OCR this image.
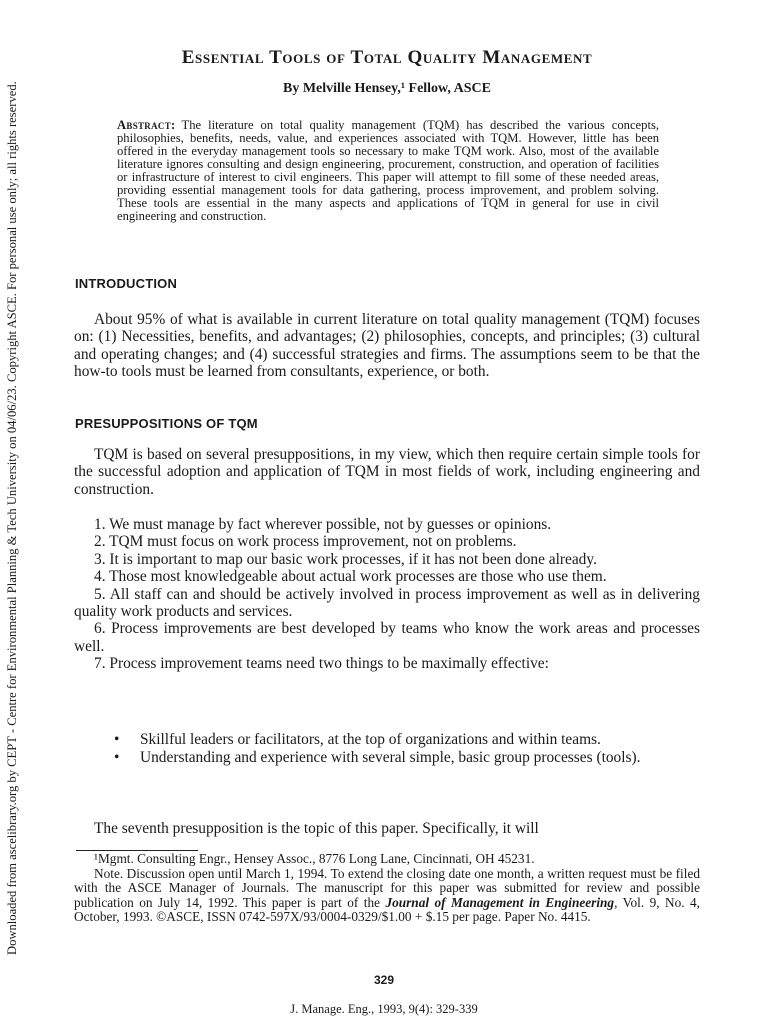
Downloaded from ascelibrary.org by CEPT - Centre for Environmental Planning & Tech University on 04/06/23. Copyright ASCE. For personal use only; all rights reserved.
Essential Tools of Total Quality Management
By Melville Hensey,¹ Fellow, ASCE
Abstract: The literature on total quality management (TQM) has described the various concepts, philosophies, benefits, needs, value, and experiences associated with TQM. However, little has been offered in the everyday management tools so necessary to make TQM work. Also, most of the available literature ignores consulting and design engineering, procurement, construction, and operation of facilities or infrastructure of interest to civil engineers. This paper will attempt to fill some of these needed areas, providing essential management tools for data gathering, process improvement, and problem solving. These tools are essential in the many aspects and applications of TQM in general for use in civil engineering and construction.
INTRODUCTION

About 95% of what is available in current literature on total quality management (TQM) focuses on: (1) Necessities, benefits, and advantages; (2) philosophies, concepts, and principles; (3) cultural and operating changes; and (4) successful strategies and firms. The assumptions seem to be that the how-to tools must be learned from consultants, experience, or both.

PRESUPPOSITIONS OF TQM

TQM is based on several presuppositions, in my view, which then require certain simple tools for the successful adoption and application of TQM in most fields of work, including engineering and construction.

1. We must manage by fact wherever possible, not by guesses or opinions.
2. TQM must focus on work process improvement, not on problems.
3. It is important to map our basic work processes, if it has not been done already.
4. Those most knowledgeable about actual work processes are those who use them.
5. All staff can and should be actively involved in process improvement as well as in delivering quality work products and services.
6. Process improvements are best developed by teams who know the work areas and processes well.
7. Process improvement teams need two things to be maximally effective:
• Skillful leaders or facilitators, at the top of organizations and within teams.
• Understanding and experience with several simple, basic group processes (tools).

The seventh presupposition is the topic of this paper. Specifically, it will

¹Mgmt. Consulting Engr., Hensey Assoc., 8776 Long Lane, Cincinnati, OH 45231.
Note. Discussion open until March 1, 1994. To extend the closing date one month, a written request must be filed with the ASCE Manager of Journals. The manuscript for this paper was submitted for review and possible publication on July 14, 1992. This paper is part of the Journal of Management in Engineering, Vol. 9, No. 4, October, 1993. ©ASCE, ISSN 0742-597X/93/0004-0329/$1.00 + $.15 per page. Paper No. 4415.

329
J. Manage. Eng., 1993, 9(4): 329-339
